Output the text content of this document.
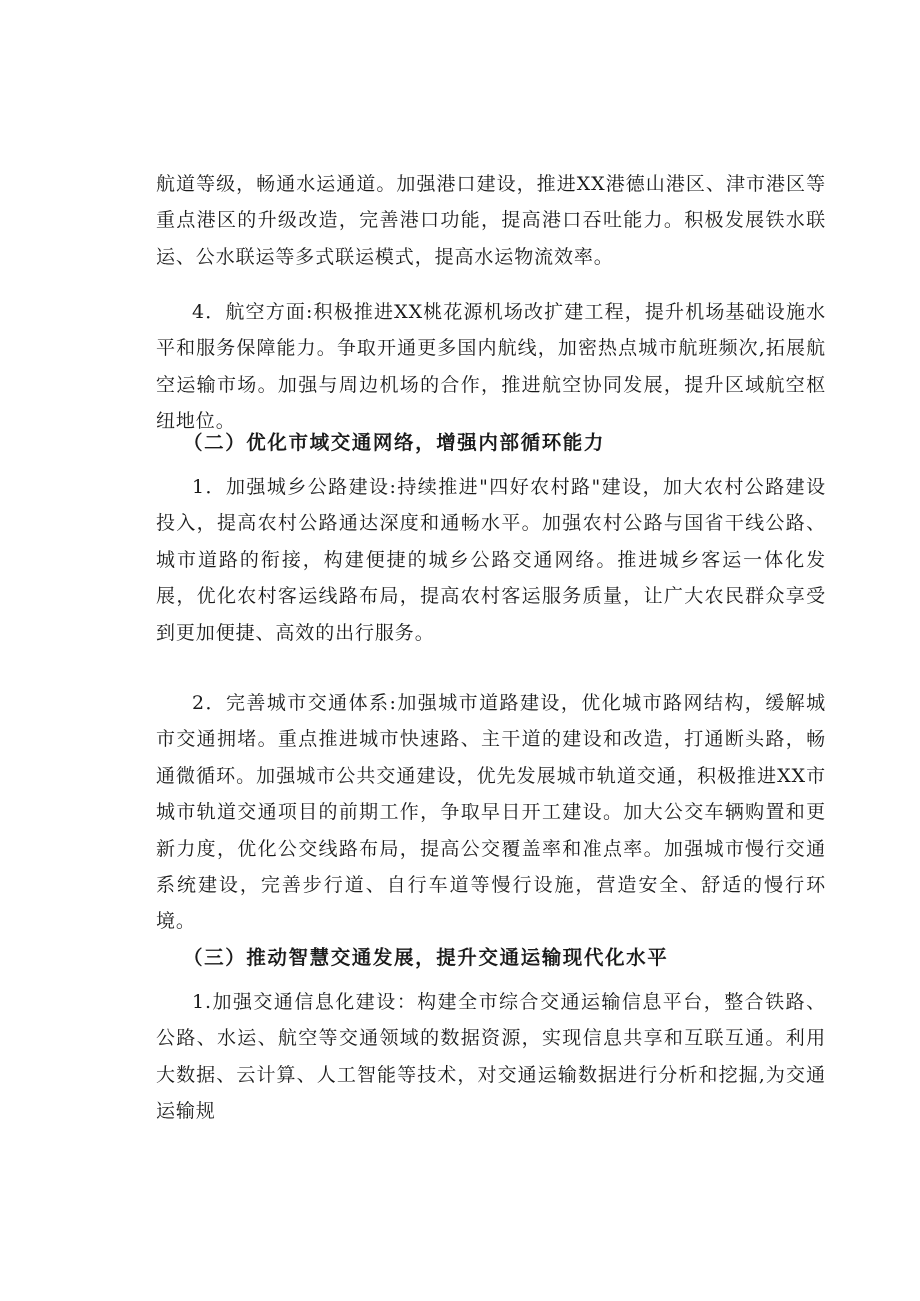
航道等级，畅通水运通道。加强港口建设，推进XX港德山港区、津市港区等重点港区的升级改造，完善港口功能，提高港口吞吐能力。积极发展铁水联运、公水联运等多式联运模式，提高水运物流效率。

4．航空方面:积极推进XX桃花源机场改扩建工程，提升机场基础设施水平和服务保障能力。争取开通更多国内航线，加密热点城市航班频次,拓展航空运输市场。加强与周边机场的合作，推进航空协同发展，提升区域航空枢纽地位。

（二）优化市域交通网络，增强内部循环能力

1．加强城乡公路建设:持续推进"四好农村路"建设，加大农村公路建设投入，提高农村公路通达深度和通畅水平。加强农村公路与国省干线公路、城市道路的衔接，构建便捷的城乡公路交通网络。推进城乡客运一体化发展，优化农村客运线路布局，提高农村客运服务质量，让广大农民群众享受到更加便捷、高效的出行服务。

2．完善城市交通体系:加强城市道路建设，优化城市路网结构，缓解城市交通拥堵。重点推进城市快速路、主干道的建设和改造，打通断头路，畅通微循环。加强城市公共交通建设，优先发展城市轨道交通，积极推进XX市城市轨道交通项目的前期工作，争取早日开工建设。加大公交车辆购置和更新力度，优化公交线路布局，提高公交覆盖率和准点率。加强城市慢行交通系统建设，完善步行道、自行车道等慢行设施，营造安全、舒适的慢行环境。

（三）推动智慧交通发展，提升交通运输现代化水平

1.加强交通信息化建设：构建全市综合交通运输信息平台，整合铁路、公路、水运、航空等交通领域的数据资源，实现信息共享和互联互通。利用大数据、云计算、人工智能等技术，对交通运输数据进行分析和挖掘,为交通运输规
